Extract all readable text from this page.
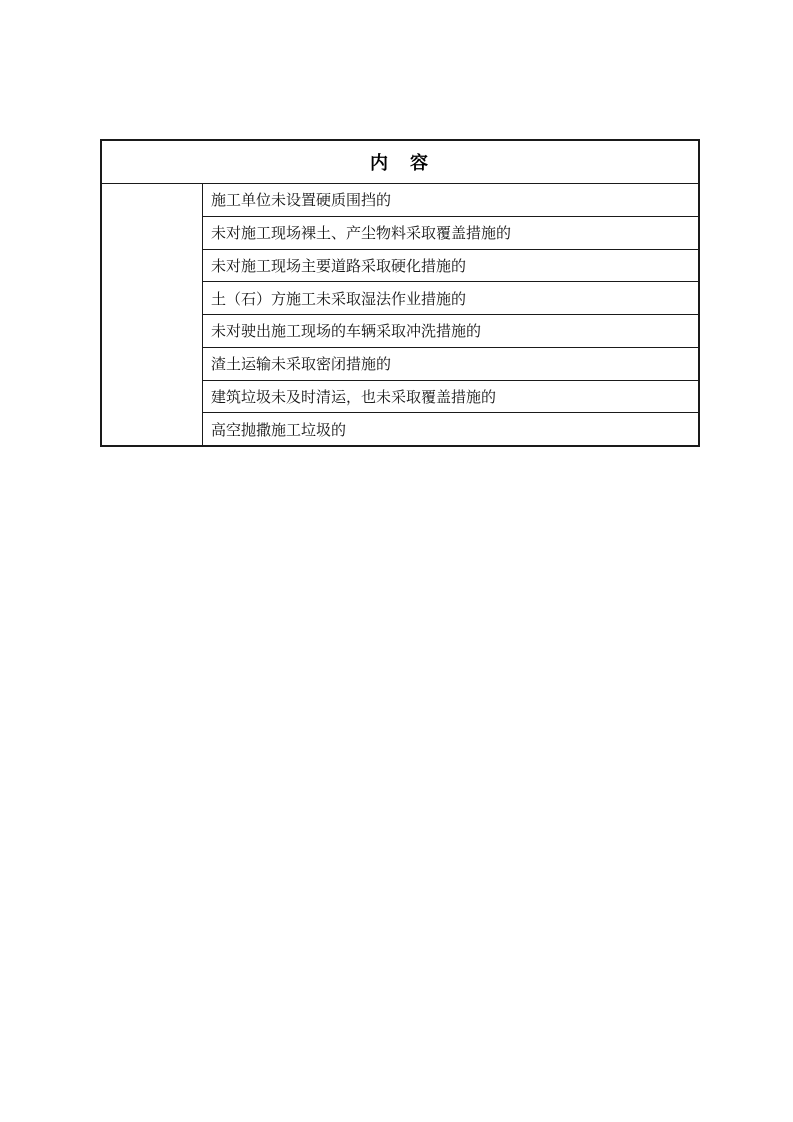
内　容
施工单位未设置硬质围挡的
未对施工现场裸土、产尘物料采取覆盖措施的
未对施工现场主要道路采取硬化措施的
土（石）方施工未采取湿法作业措施的
未对驶出施工现场的车辆采取冲洗措施的
渣土运输未采取密闭措施的
建筑垃圾未及时清运，也未采取覆盖措施的
高空抛撒施工垃圾的
